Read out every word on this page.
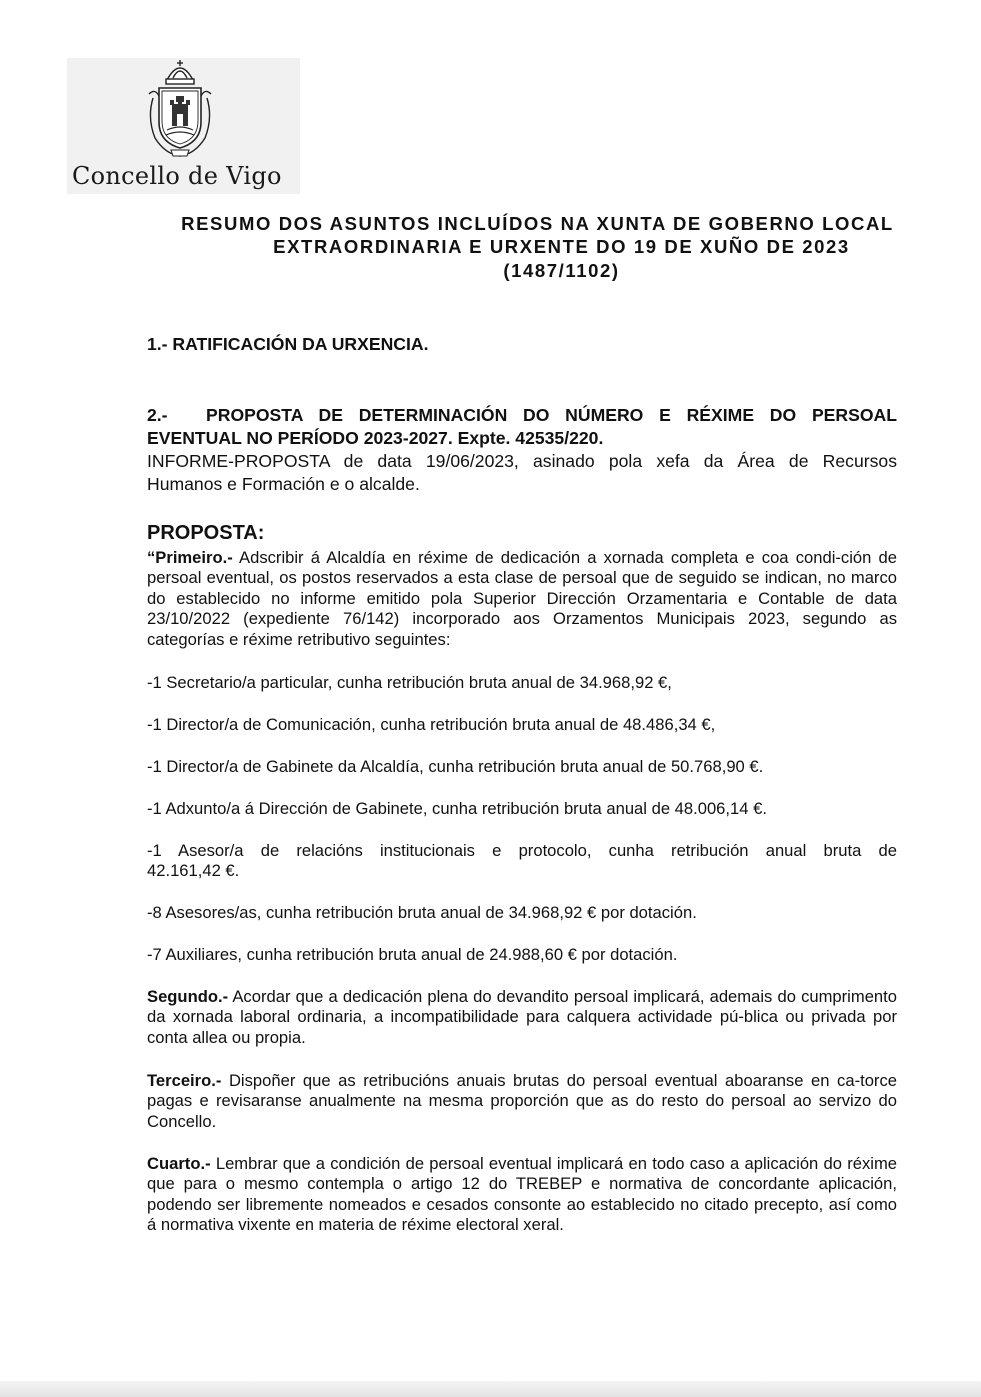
Concello de Vigo
RESUMO DOS ASUNTOS INCLUÍDOS NA XUNTA DE GOBERNO LOCAL
EXTRAORDINARIA E URXENTE DO 19 DE XUÑO DE 2023
(1487/1102)
1.- RATIFICACIÓN DA URXENCIA.
2.- PROPOSTA DE DETERMINACIÓN DO NÚMERO E RÉXIME DO PERSOAL
EVENTUAL NO PERÍODO 2023-2027. Expte. 42535/220.
INFORME-PROPOSTA de data 19/06/2023, asinado pola xefa da Área de Recursos
Humanos e Formación e o alcalde.
PROPOSTA:
“Primeiro.- Adscribir á Alcaldía en réxime de dedicación a xornada completa e coa condi-ción de persoal eventual, os postos reservados a esta clase de persoal que de seguido se indican, no marco do establecido no informe emitido pola Superior Dirección Orzamentaria e Contable de data 23/10/2022 (expediente 76/142) incorporado aos Orzamentos Municipais 2023, segundo as categorías e réxime retributivo seguintes:
-1 Secretario/a particular, cunha retribución bruta anual de 34.968,92 €,
-1 Director/a de Comunicación, cunha retribución bruta anual de 48.486,34 €,
-1 Director/a de Gabinete da Alcaldía, cunha retribución bruta anual de 50.768,90 €.
-1 Adxunto/a á Dirección de Gabinete, cunha retribución bruta anual de 48.006,14 €.
-1 Asesor/a de relacións institucionais e protocolo, cunha retribución anual bruta de
42.161,42 €.
-8 Asesores/as, cunha retribución bruta anual de 34.968,92 € por dotación.
-7 Auxiliares, cunha retribución bruta anual de 24.988,60 € por dotación.
Segundo.- Acordar que a dedicación plena do devandito persoal implicará, ademais do cumprimento da xornada laboral ordinaria, a incompatibilidade para calquera actividade pú-blica ou privada por conta allea ou propia.
Terceiro.- Dispoñer que as retribucións anuais brutas do persoal eventual aboaranse en ca-torce pagas e revisaranse anualmente na mesma proporción que as do resto do persoal ao servizo do Concello.
Cuarto.- Lembrar que a condición de persoal eventual implicará en todo caso a aplicación do réxime que para o mesmo contempla o artigo 12 do TREBEP e normativa de concordante aplicación, podendo ser libremente nomeados e cesados consonte ao establecido no citado precepto, así como á normativa vixente en materia de réxime electoral xeral.
